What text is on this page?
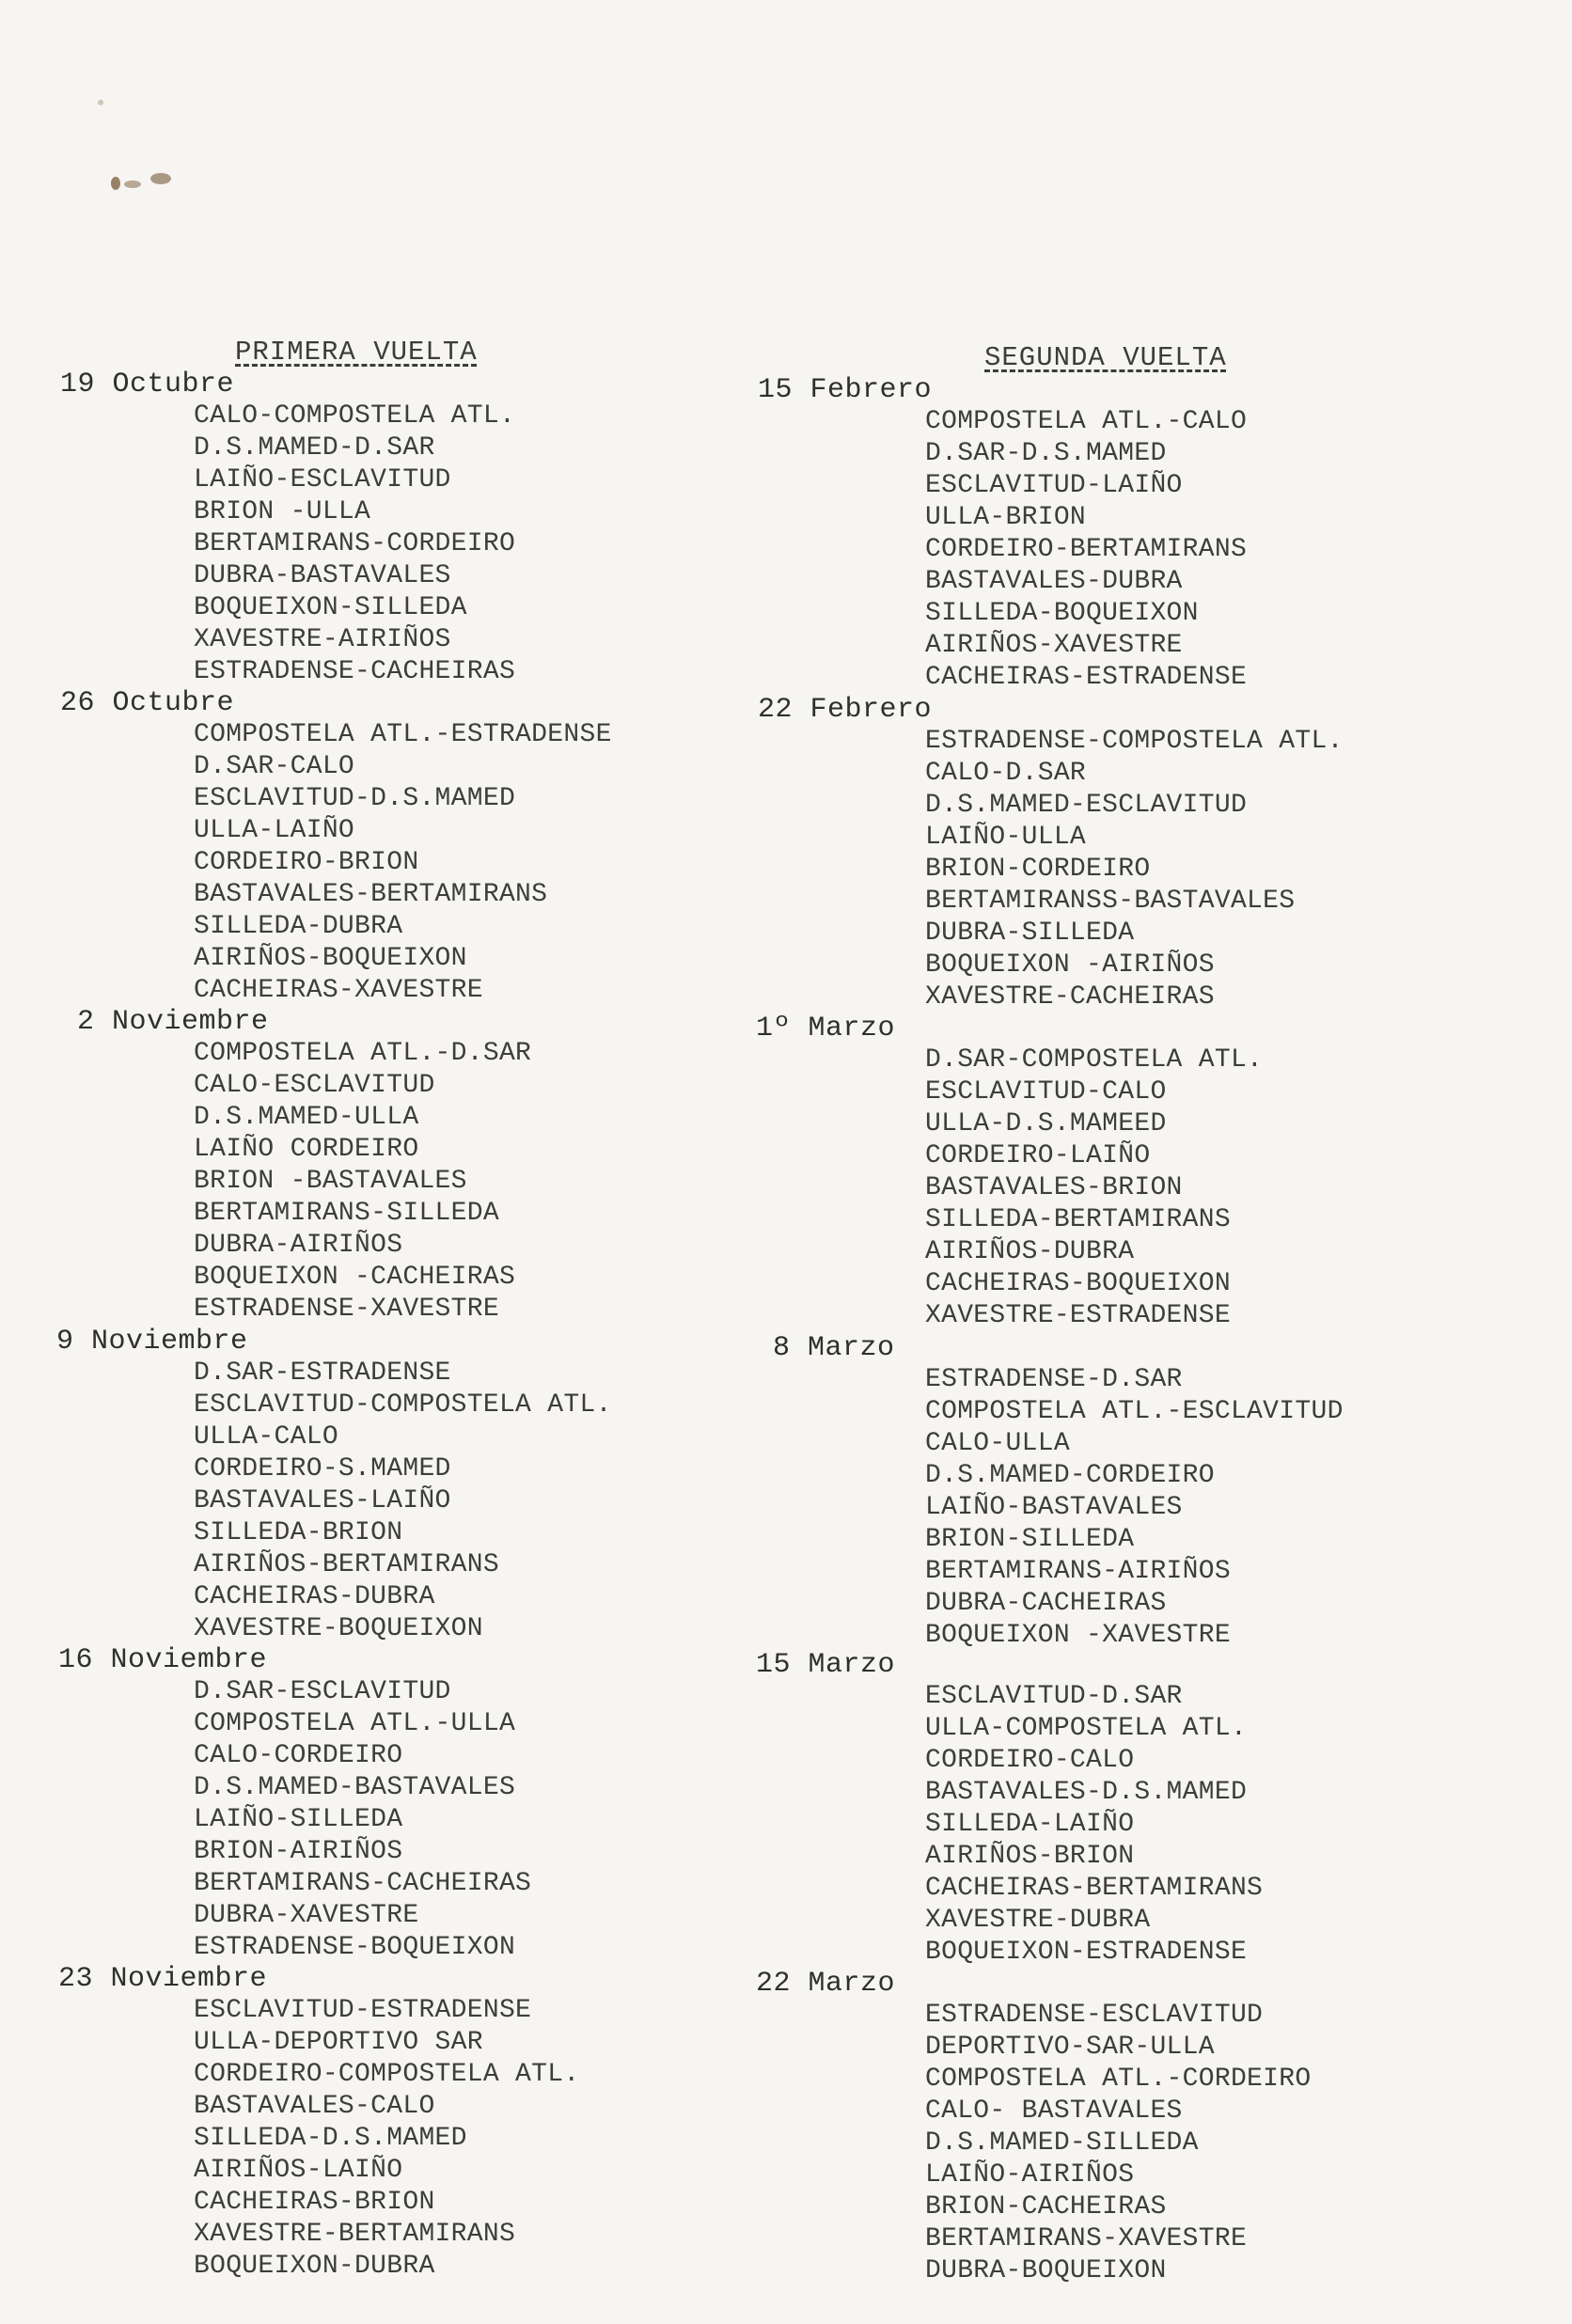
PRIMERA VUELTA
19 Octubre
CALO-COMPOSTELA ATL.
D.S.MAMED-D.SAR
LAIÑO-ESCLAVITUD
BRION -ULLA
BERTAMIRANS-CORDEIRO
DUBRA-BASTAVALES
BOQUEIXON-SILLEDA
XAVESTRE-AIRIÑOS
ESTRADENSE-CACHEIRAS
26 Octubre
COMPOSTELA ATL.-ESTRADENSE
D.SAR-CALO
ESCLAVITUD-D.S.MAMED
ULLA-LAIÑO
CORDEIRO-BRION
BASTAVALES-BERTAMIRANS
SILLEDA-DUBRA
AIRIÑOS-BOQUEIXON
CACHEIRAS-XAVESTRE
2 Noviembre
COMPOSTELA ATL.-D.SAR
CALO-ESCLAVITUD
D.S.MAMED-ULLA
LAIÑO CORDEIRO
BRION -BASTAVALES
BERTAMIRANS-SILLEDA
DUBRA-AIRIÑOS
BOQUEIXON -CACHEIRAS
ESTRADENSE-XAVESTRE
9 Noviembre
D.SAR-ESTRADENSE
ESCLAVITUD-COMPOSTELA ATL.
ULLA-CALO
CORDEIRO-S.MAMED
BASTAVALES-LAIÑO
SILLEDA-BRION
AIRIÑOS-BERTAMIRANS
CACHEIRAS-DUBRA
XAVESTRE-BOQUEIXON
16 Noviembre
D.SAR-ESCLAVITUD
COMPOSTELA ATL.-ULLA
CALO-CORDEIRO
D.S.MAMED-BASTAVALES
LAIÑO-SILLEDA
BRION-AIRIÑOS
BERTAMIRANS-CACHEIRAS
DUBRA-XAVESTRE
ESTRADENSE-BOQUEIXON
23 Noviembre
ESCLAVITUD-ESTRADENSE
ULLA-DEPORTIVO SAR
CORDEIRO-COMPOSTELA ATL.
BASTAVALES-CALO
SILLEDA-D.S.MAMED
AIRIÑOS-LAIÑO
CACHEIRAS-BRION
XAVESTRE-BERTAMIRANS
BOQUEIXON-DUBRA
SEGUNDA VUELTA
15 Febrero
COMPOSTELA ATL.-CALO
D.SAR-D.S.MAMED
ESCLAVITUD-LAIÑO
ULLA-BRION
CORDEIRO-BERTAMIRANS
BASTAVALES-DUBRA
SILLEDA-BOQUEIXON
AIRIÑOS-XAVESTRE
CACHEIRAS-ESTRADENSE
22 Febrero
ESTRADENSE-COMPOSTELA ATL.
CALO-D.SAR
D.S.MAMED-ESCLAVITUD
LAIÑO-ULLA
BRION-CORDEIRO
BERTAMIRANSS-BASTAVALES
DUBRA-SILLEDA
BOQUEIXON -AIRIÑOS
XAVESTRE-CACHEIRAS
1º Marzo
D.SAR-COMPOSTELA ATL.
ESCLAVITUD-CALO
ULLA-D.S.MAMEED
CORDEIRO-LAIÑO
BASTAVALES-BRION
SILLEDA-BERTAMIRANS
AIRIÑOS-DUBRA
CACHEIRAS-BOQUEIXON
XAVESTRE-ESTRADENSE
8 Marzo
ESTRADENSE-D.SAR
COMPOSTELA ATL.-ESCLAVITUD
CALO-ULLA
D.S.MAMED-CORDEIRO
LAIÑO-BASTAVALES
BRION-SILLEDA
BERTAMIRANS-AIRIÑOS
DUBRA-CACHEIRAS
BOQUEIXON -XAVESTRE
15 Marzo
ESCLAVITUD-D.SAR
ULLA-COMPOSTELA ATL.
CORDEIRO-CALO
BASTAVALES-D.S.MAMED
SILLEDA-LAIÑO
AIRIÑOS-BRION
CACHEIRAS-BERTAMIRANS
XAVESTRE-DUBRA
BOQUEIXON-ESTRADENSE
22 Marzo
ESTRADENSE-ESCLAVITUD
DEPORTIVO-SAR-ULLA
COMPOSTELA ATL.-CORDEIRO
CALO- BASTAVALES
D.S.MAMED-SILLEDA
LAIÑO-AIRIÑOS
BRION-CACHEIRAS
BERTAMIRANS-XAVESTRE
DUBRA-BOQUEIXON
